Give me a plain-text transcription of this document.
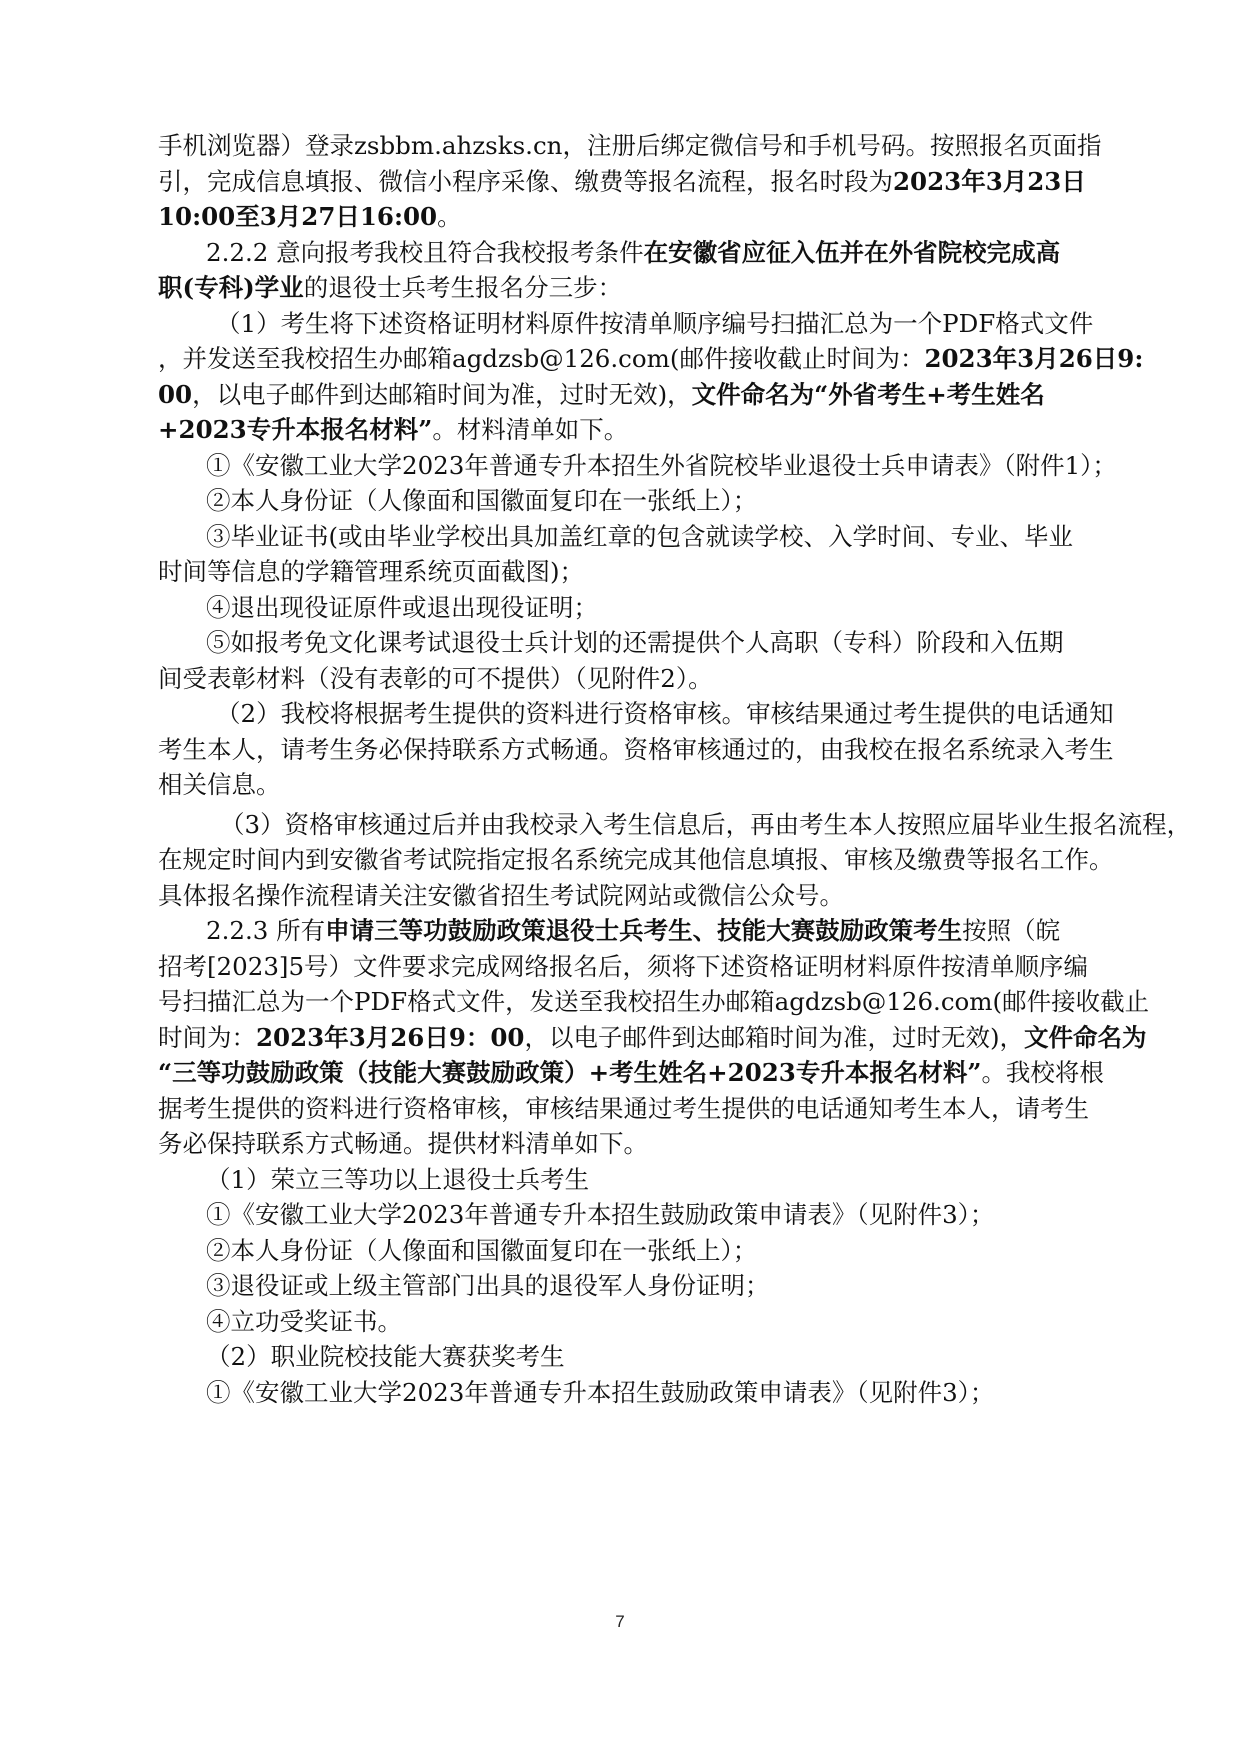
手机浏览器）登录zsbbm.ahzsks.cn，注册后绑定微信号和手机号码。按照报名页面指
引，完成信息填报、微信小程序采像、缴费等报名流程，报名时段为2023年3月23日
10:00至3月27日16:00。
2.2.2 意向报考我校且符合我校报考条件在安徽省应征入伍并在外省院校完成高
职(专科)学业的退役士兵考生报名分三步：
（1）考生将下述资格证明材料原件按清单顺序编号扫描汇总为一个PDF格式文件
，并发送至我校招生办邮箱agdzsb@126.com(邮件接收截止时间为：2023年3月26日9:
00，以电子邮件到达邮箱时间为准，过时无效)，文件命名为“外省考生+考生姓名
+2023专升本报名材料”。材料清单如下。
①《安徽工业大学2023年普通专升本招生外省院校毕业退役士兵申请表》（附件1）；
②本人身份证（人像面和国徽面复印在一张纸上）；
③毕业证书(或由毕业学校出具加盖红章的包含就读学校、入学时间、专业、毕业
时间等信息的学籍管理系统页面截图)；
④退出现役证原件或退出现役证明；
⑤如报考免文化课考试退役士兵计划的还需提供个人高职（专科）阶段和入伍期
间受表彰材料（没有表彰的可不提供）（见附件2）。
（2）我校将根据考生提供的资料进行资格审核。审核结果通过考生提供的电话通知
考生本人，请考生务必保持联系方式畅通。资格审核通过的，由我校在报名系统录入考生
相关信息。
（3）资格审核通过后并由我校录入考生信息后，再由考生本人按照应届毕业生报名流程，
在规定时间内到安徽省考试院指定报名系统完成其他信息填报、审核及缴费等报名工作。
具体报名操作流程请关注安徽省招生考试院网站或微信公众号。
2.2.3 所有申请三等功鼓励政策退役士兵考生、技能大赛鼓励政策考生按照（皖
招考[2023]5号）文件要求完成网络报名后，须将下述资格证明材料原件按清单顺序编
号扫描汇总为一个PDF格式文件，发送至我校招生办邮箱agdzsb@126.com(邮件接收截止
时间为：2023年3月26日9：00，以电子邮件到达邮箱时间为准，过时无效)，文件命名为
“三等功鼓励政策（技能大赛鼓励政策）+考生姓名+2023专升本报名材料”。我校将根
据考生提供的资料进行资格审核，审核结果通过考生提供的电话通知考生本人，请考生
务必保持联系方式畅通。提供材料清单如下。
（1）荣立三等功以上退役士兵考生
①《安徽工业大学2023年普通专升本招生鼓励政策申请表》（见附件3）；
②本人身份证（人像面和国徽面复印在一张纸上）；
③退役证或上级主管部门出具的退役军人身份证明；
④立功受奖证书。
（2）职业院校技能大赛获奖考生
①《安徽工业大学2023年普通专升本招生鼓励政策申请表》（见附件3）；
7
